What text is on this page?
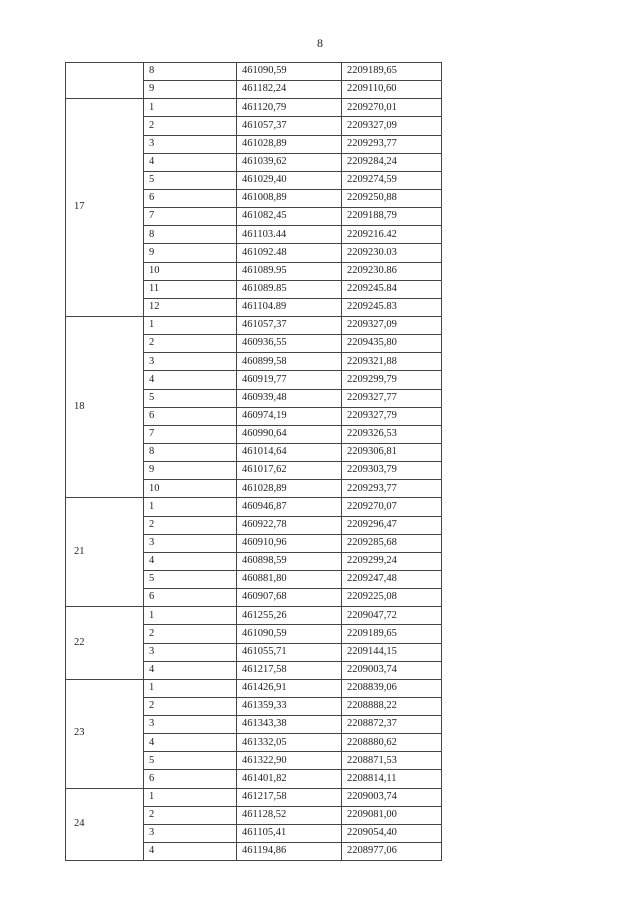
8
	8	461090,59	2209189,65
	9	461182,24	2209110,60
17	1	461120,79	2209270,01
	2	461057,37	2209327,09
	3	461028,89	2209293,77
	4	461039,62	2209284,24
	5	461029,40	2209274,59
	6	461008,89	2209250,88
	7	461082,45	2209188,79
	8	461103.44	2209216.42
	9	461092.48	2209230.03
	10	461089.95	2209230.86
	11	461089.85	2209245.84
	12	461104.89	2209245.83
18	1	461057,37	2209327,09
	2	460936,55	2209435,80
	3	460899,58	2209321,88
	4	460919,77	2209299,79
	5	460939,48	2209327,77
	6	460974,19	2209327,79
	7	460990,64	2209326,53
	8	461014,64	2209306,81
	9	461017,62	2209303,79
	10	461028,89	2209293,77
21	1	460946,87	2209270,07
	2	460922,78	2209296,47
	3	460910,96	2209285,68
	4	460898,59	2209299,24
	5	460881,80	2209247,48
	6	460907,68	2209225,08
22	1	461255,26	2209047,72
	2	461090,59	2209189,65
	3	461055,71	2209144,15
	4	461217,58	2209003,74
23	1	461426,91	2208839,06
	2	461359,33	2208888,22
	3	461343,38	2208872,37
	4	461332,05	2208880,62
	5	461322,90	2208871,53
	6	461401,82	2208814,11
24	1	461217,58	2209003,74
	2	461128,52	2209081,00
	3	461105,41	2209054,40
	4	461194,86	2208977,06
